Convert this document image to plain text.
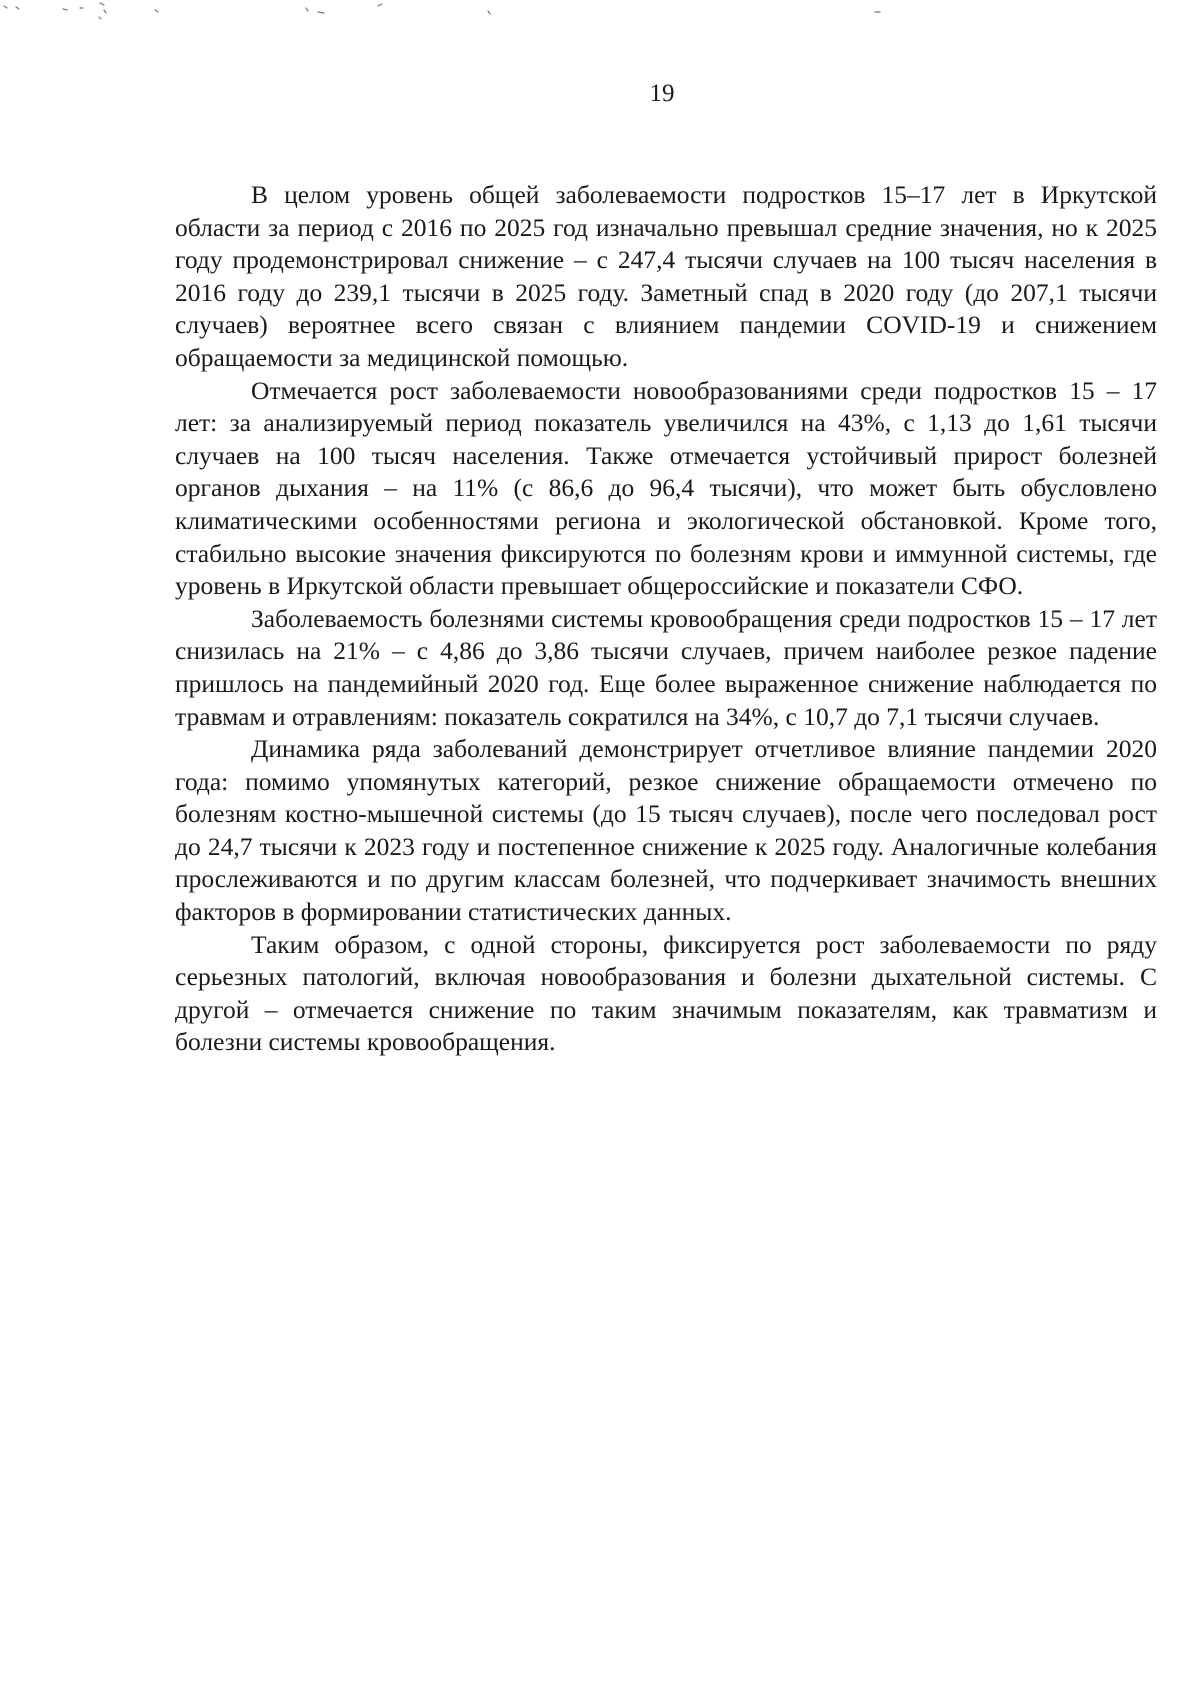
19

В целом уровень общей заболеваемости подростков 15–17 лет в Иркутской области за период с 2016 по 2025 год изначально превышал средние значения, но к 2025 году продемонстрировал снижение – с 247,4 тысячи случаев на 100 тысяч населения в 2016 году до 239,1 тысячи в 2025 году. Заметный спад в 2020 году (до 207,1 тысячи случаев) вероятнее всего связан с влиянием пандемии COVID-19 и снижением обращаемости за медицинской помощью.

Отмечается рост заболеваемости новообразованиями среди подростков 15 – 17 лет: за анализируемый период показатель увеличился на 43%, с 1,13 до 1,61 тысячи случаев на 100 тысяч населения. Также отмечается устойчивый прирост болезней органов дыхания – на 11% (с 86,6 до 96,4 тысячи), что может быть обусловлено климатическими особенностями региона и экологической обстановкой. Кроме того, стабильно высокие значения фиксируются по болезням крови и иммунной системы, где уровень в Иркутской области превышает общероссийские и показатели СФО.

Заболеваемость болезнями системы кровообращения среди подростков 15 – 17 лет снизилась на 21% – с 4,86 до 3,86 тысячи случаев, причем наиболее резкое падение пришлось на пандемийный 2020 год. Еще более выраженное снижение наблюдается по травмам и отравлениям: показатель сократился на 34%, с 10,7 до 7,1 тысячи случаев.

Динамика ряда заболеваний демонстрирует отчетливое влияние пандемии 2020 года: помимо упомянутых категорий, резкое снижение обращаемости отмечено по болезням костно-мышечной системы (до 15 тысяч случаев), после чего последовал рост до 24,7 тысячи к 2023 году и постепенное снижение к 2025 году. Аналогичные колебания прослеживаются и по другим классам болезней, что подчеркивает значимость внешних факторов в формировании статистических данных.

Таким образом, с одной стороны, фиксируется рост заболеваемости по ряду серьезных патологий, включая новообразования и болезни дыхательной системы. С другой – отмечается снижение по таким значимым показателям, как травматизм и болезни системы кровообращения.
